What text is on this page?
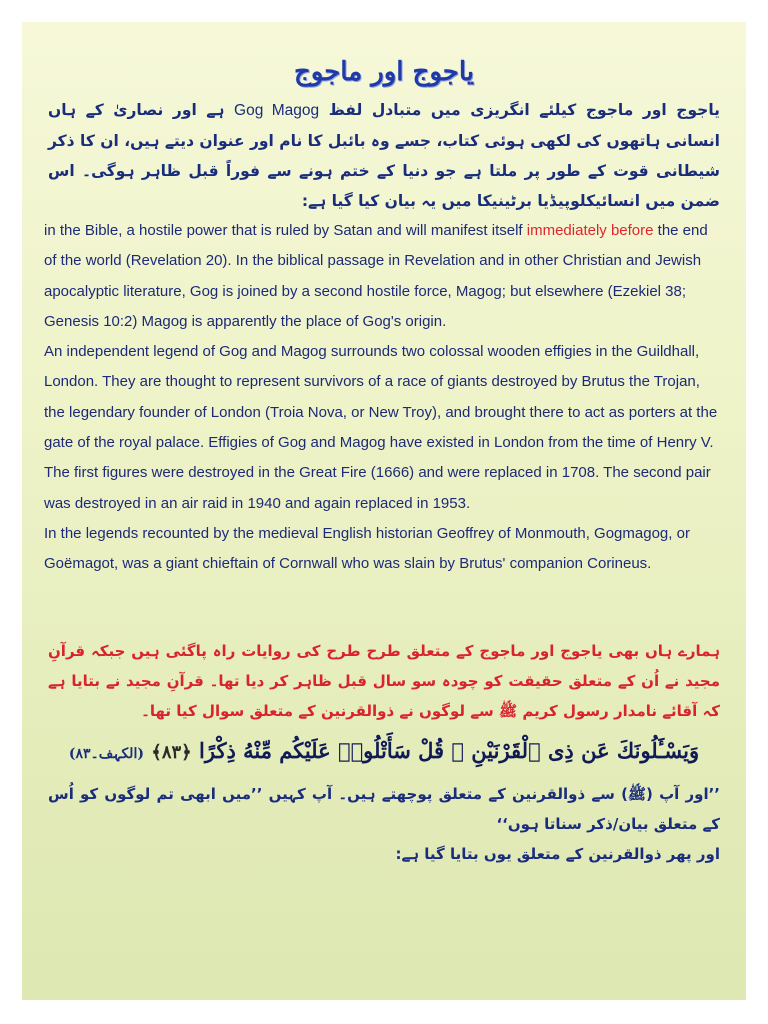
یاجوج اور ماجوج
یاجوج اور ماجوج کیلئے انگریزی میں متبادل لفظ Gog Magog ہے اور نصاریٰ کے ہاں انسانی ہاتھوں کی لکھی ہوئی کتاب، جسے وہ بائبل کا نام اور عنوان دیتے ہیں، ان کا ذکر شیطانی قوت کے طور پر ملتا ہے جو دنیا کے ختم ہونے سے فوراً قبل ظاہر ہوگی۔ اس ضمن میں انسائیکلوپیڈیا برٹینیکا میں یہ بیان کیا گیا ہے:

in the Bible, a hostile power that is ruled by Satan and will manifest itself immediately before the end of the world (Revelation 20). In the biblical passage in Revelation and in other Christian and Jewish apocalyptic literature, Gog is joined by a second hostile force, Magog; but elsewhere (Ezekiel 38; Genesis 10:2) Magog is apparently the place of Gog's origin.

An independent legend of Gog and Magog surrounds two colossal wooden effigies in the Guildhall, London. They are thought to represent survivors of a race of giants destroyed by Brutus the Trojan, the legendary founder of London (Troia Nova, or New Troy), and brought there to act as porters at the gate of the royal palace. Effigies of Gog and Magog have existed in London from the time of Henry V. The first figures were destroyed in the Great Fire (1666) and were replaced in 1708. The second pair was destroyed in an air raid in 1940 and again replaced in 1953.

In the legends recounted by the medieval English historian Geoffrey of Monmouth, Gogmagog, or Goëmagot, was a giant chieftain of Cornwall who was slain by Brutus' companion Corineus.

ہمارے ہاں بھی یاجوج اور ماجوج کے متعلق طرح طرح کی روایات راہ پاگئی ہیں جبکہ قرآنِ مجید نے اُن کے متعلق حقیقت کو چودہ سو سال قبل ظاہر کر دیا تھا۔ قرآنِ مجید نے بتایا ہے کہ آقائے نامدار رسول کریم ﷺ سے لوگوں نے ذوالقرنین کے متعلق سوال کیا تھا۔
وَيَسْـَٔلُونَكَ عَن ذِى ٱلْقَرْنَيْنِ ۖ قُلْ سَأَتْلُوا۟ عَلَيْكُم مِّنْهُ ذِكْرًا ﴿٨٣﴾ (الکہف۔٨٣)
’’اور آپ (ﷺ) سے ذوالقرنین کے متعلق پوچھتے ہیں۔ آپ کہیں ’’میں ابھی تم لوگوں کو اُس کے متعلق بیان/ذکر سناتا ہوں‘‘
اور پھر ذوالقرنین کے متعلق یوں بتایا گیا ہے:
